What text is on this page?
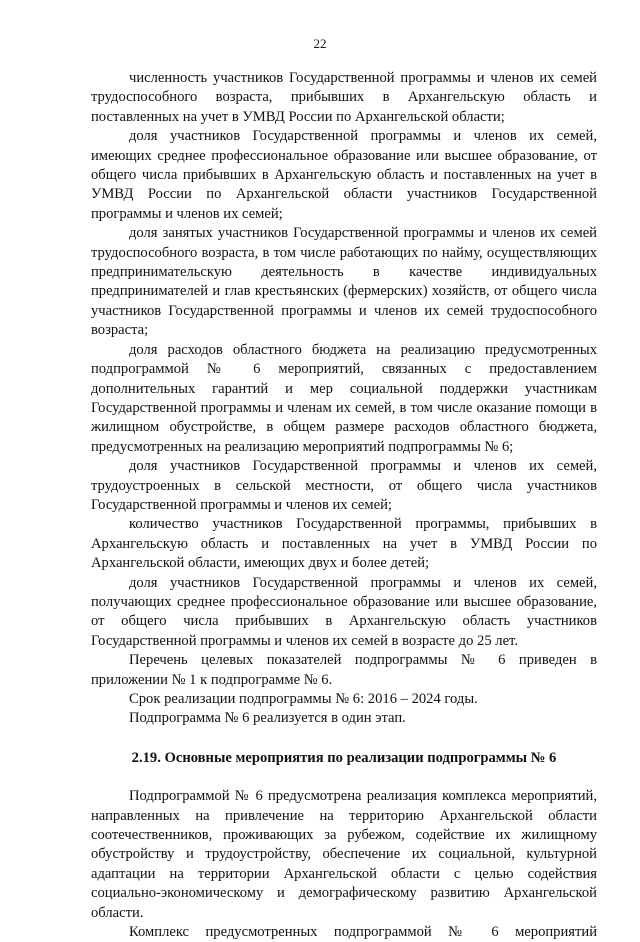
22

численность участников Государственной программы и членов их семей трудоспособного возраста, прибывших в Архангельскую область и поставленных на учет в УМВД России по Архангельской области;

доля участников Государственной программы и членов их семей, имеющих среднее профессиональное образование или высшее образование, от общего числа прибывших в Архангельскую область и поставленных на учет в УМВД России по Архангельской области участников Государственной программы и членов их семей;

доля занятых участников Государственной программы и членов их семей трудоспособного возраста, в том числе работающих по найму, осуществляющих предпринимательскую деятельность в качестве индивидуальных предпринимателей и глав крестьянских (фермерских) хозяйств, от общего числа участников Государственной программы и членов их семей трудоспособного возраста;

доля расходов областного бюджета на реализацию предусмотренных подпрограммой № 6 мероприятий, связанных с предоставлением дополнительных гарантий и мер социальной поддержки участникам Государственной программы и членам их семей, в том числе оказание помощи в жилищном обустройстве, в общем размере расходов областного бюджета, предусмотренных на реализацию мероприятий подпрограммы № 6;

доля участников Государственной программы и членов их семей, трудоустроенных в сельской местности, от общего числа участников Государственной программы и членов их семей;

количество участников Государственной программы, прибывших в Архангельскую область и поставленных на учет в УМВД России по Архангельской области, имеющих двух и более детей;

доля участников Государственной программы и членов их семей, получающих среднее профессиональное образование или высшее образование, от общего числа прибывших в Архангельскую область участников Государственной программы и членов их семей в возрасте до 25 лет.

Перечень целевых показателей подпрограммы № 6 приведен в приложении № 1 к подпрограмме № 6.

Срок реализации подпрограммы № 6: 2016 – 2024 годы.

Подпрограмма № 6 реализуется в один этап.

2.19. Основные мероприятия по реализации подпрограммы № 6

Подпрограммой № 6 предусмотрена реализация комплекса мероприятий, направленных на привлечение на территорию Архангельской области соотечественников, проживающих за рубежом, содействие их жилищному обустройству и трудоустройству, обеспечение их социальной, культурной адаптации на территории Архангельской области с целью содействия социально-экономическому и демографическому развитию Архангельской области.

Комплекс предусмотренных подпрограммой № 6 мероприятий
